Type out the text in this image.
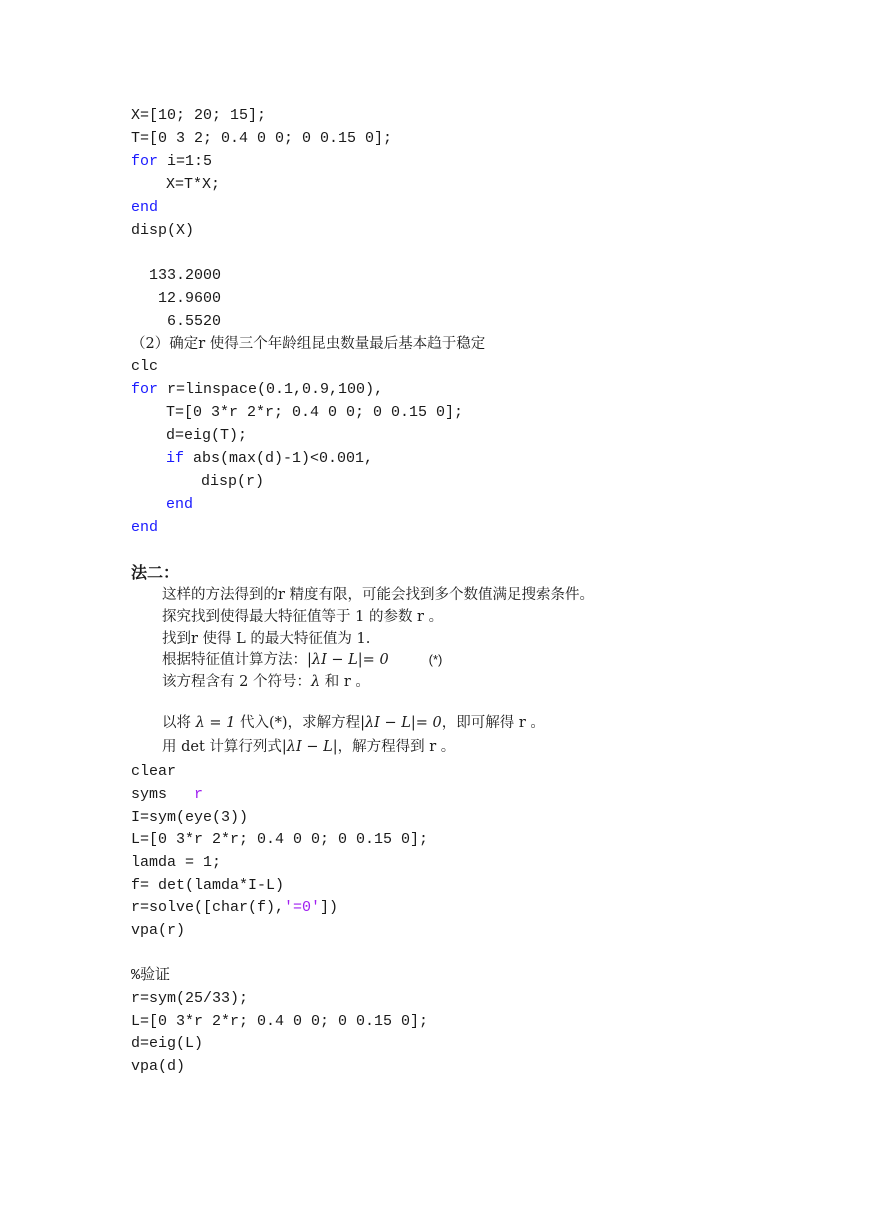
X=[10; 20; 15];
T=[0 3 2; 0.4 0 0; 0 0.15 0];
for i=1:5
X=T*X;
end
disp(X)
133.2000
12.9600
6.5520
（2）确定r 使得三个年龄组昆虫数量最后基本趋于稳定
clc
for r=linspace(0.1,0.9,100),
T=[0 3*r 2*r; 0.4 0 0; 0 0.15 0];
d=eig(T);
if abs(max(d)-1)<0.001,
disp(r)
end
end
法二：
这样的方法得到的r 精度有限，可能会找到多个数值满足搜索条件。
探究找到使得最大特征值等于 1 的参数 r 。
找到r 使得 L 的最大特征值为 1.
根据特征值计算方法：|λI − L|= 0	(*)
该方程含有 2 个符号：λ 和 r 。
以将 λ = 1 代入(*)，求解方程|λI − L|= 0，即可解得 r 。
用 det 计算行列式|λI − L|，解方程得到 r 。
clear
syms   r
I=sym(eye(3))
L=[0 3*r 2*r; 0.4 0 0; 0 0.15 0];
lamda = 1;
f= det(lamda*I-L)
r=solve([char(f),'=0'])
vpa(r)
%验证
r=sym(25/33);
L=[0 3*r 2*r; 0.4 0 0; 0 0.15 0];
d=eig(L)
vpa(d)
